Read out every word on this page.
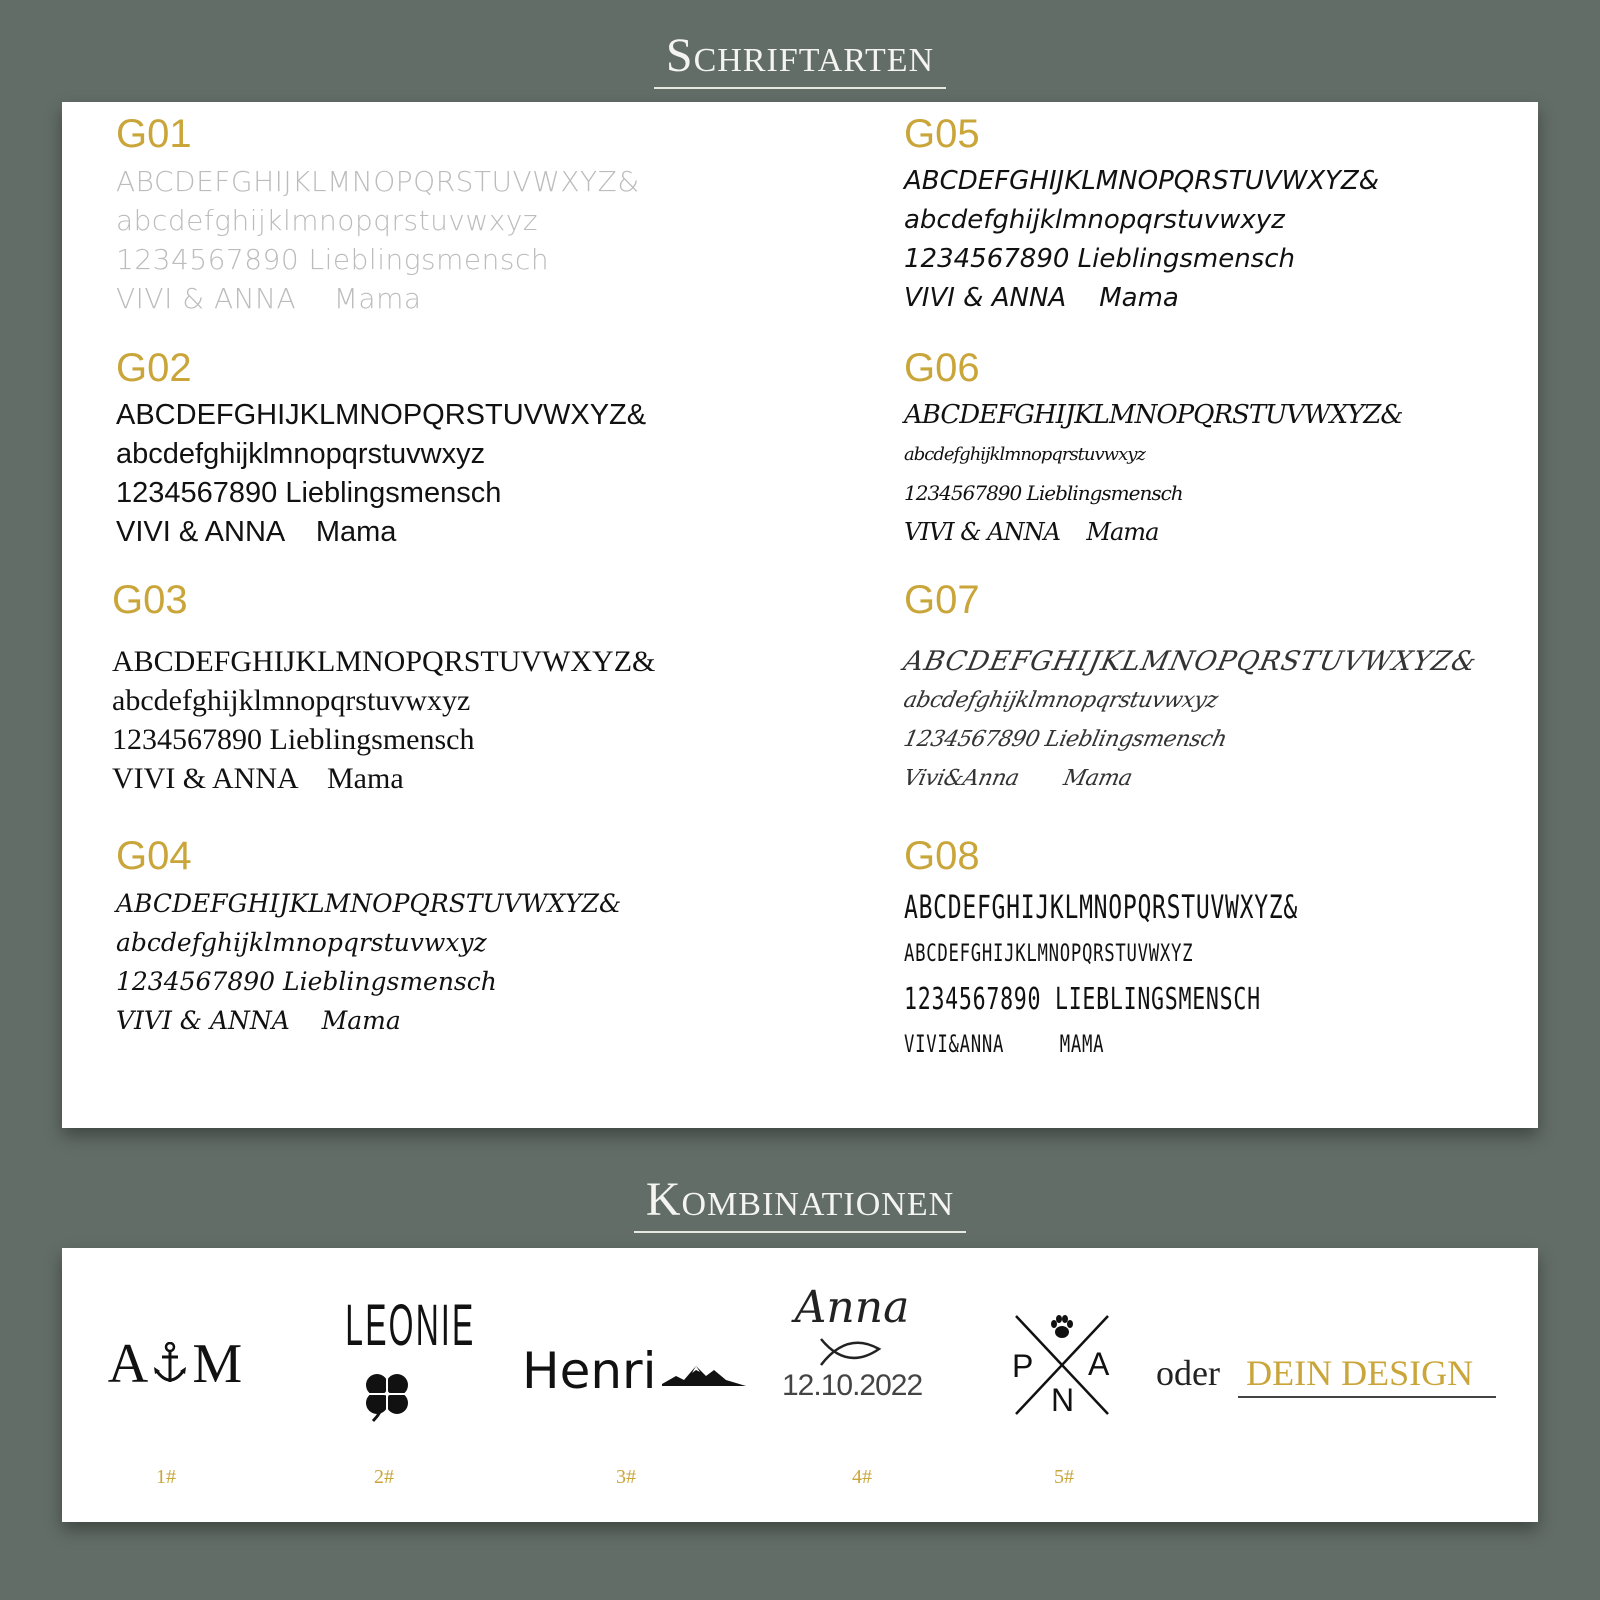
Schriftarten
G01
ABCDEFGHIJKLMNOPQRSTUVWXYZ&
abcdefghijklmnopqrstuvwxyz
1234567890 Lieblingsmensch
VIVI & ANNA    Mama
G02
ABCDEFGHIJKLMNOPQRSTUVWXYZ&
abcdefghijklmnopqrstuvwxyz
1234567890 Lieblingsmensch
VIVI & ANNA    Mama
G03
ABCDEFGHIJKLMNOPQRSTUVWXYZ&
abcdefghijklmnopqrstuvwxyz
1234567890 Lieblingsmensch
VIVI & ANNA    Mama
G04
ABCDEFGHIJKLMNOPQRSTUVWXYZ&
abcdefghijklmnopqrstuvwxyz
1234567890 Lieblingsmensch
VIVI & ANNA    Mama
G05
ABCDEFGHIJKLMNOPQRSTUVWXYZ&
abcdefghijklmnopqrstuvwxyz
1234567890 Lieblingsmensch
VIVI & ANNA    Mama
G06
ABCDEFGHIJKLMNOPQRSTUVWXYZ&
abcdefghijklmnopqrstuvwxyz
1234567890 Lieblingsmensch
VIVI & ANNA    Mama
G07
ABCDEFGHIJKLMNOPQRSTUVWXYZ&
abcdefghijklmnopqrstuvwxyz
1234567890 Lieblingsmensch
Vivi&Anna       Mama
G08
ABCDEFGHIJKLMNOPQRSTUVWXYZ&
ABCDEFGHIJKLMNOPQRSTUVWXYZ
1234567890 LIEBLINGSMENSCH
VIVI&ANNA     MAMA
Kombinationen
A M
1#
LEONIE
2#
Henri
3#
Anna
12.10.2022
4#
P A
N
5#
oder DEIN DESIGN
